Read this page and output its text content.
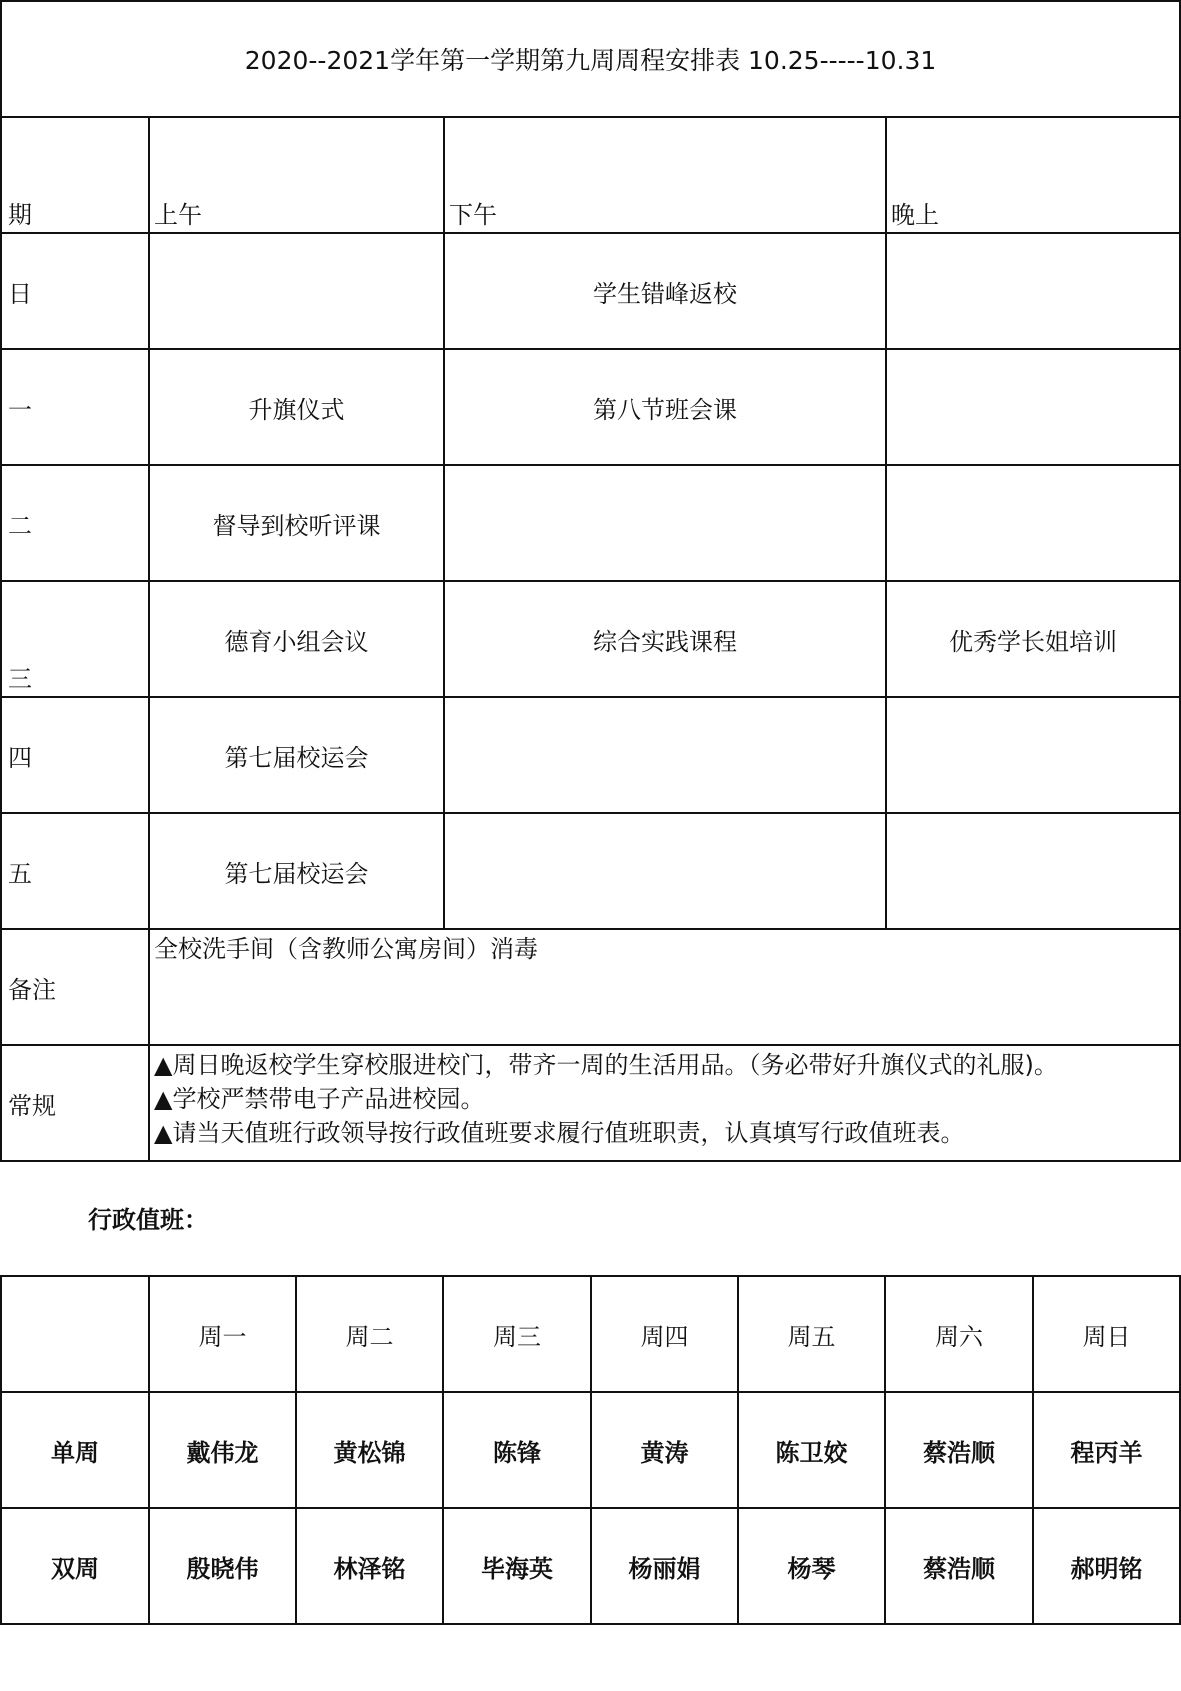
2020--2021学年第一学期第九周周程安排表 10.25-----10.31			
期	上午	下午	晚上
日		学生错峰返校	
一	升旗仪式	第八节班会课	
二	督导到校听评课		
三	德育小组会议	综合实践课程	优秀学长姐培训
四	第七届校运会		
五	第七届校运会		
备注	全校洗手间（含教师公寓房间）消毒		
常规	▲周日晚返校学生穿校服进校门，带齐一周的生活用品。（务必带好升旗仪式的礼服)。
▲学校严禁带电子产品进校园。
▲请当天值班行政领导按行政值班要求履行值班职责，认真填写行政值班表。		
行政值班：
	周一	周二	周三	周四	周五	周六	周日
单周	戴伟龙	黄松锦	陈锋	黄涛	陈卫姣	蔡浩顺	程丙羊
双周	殷晓伟	林泽铭	毕海英	杨丽娟	杨琴	蔡浩顺	郝明铭
